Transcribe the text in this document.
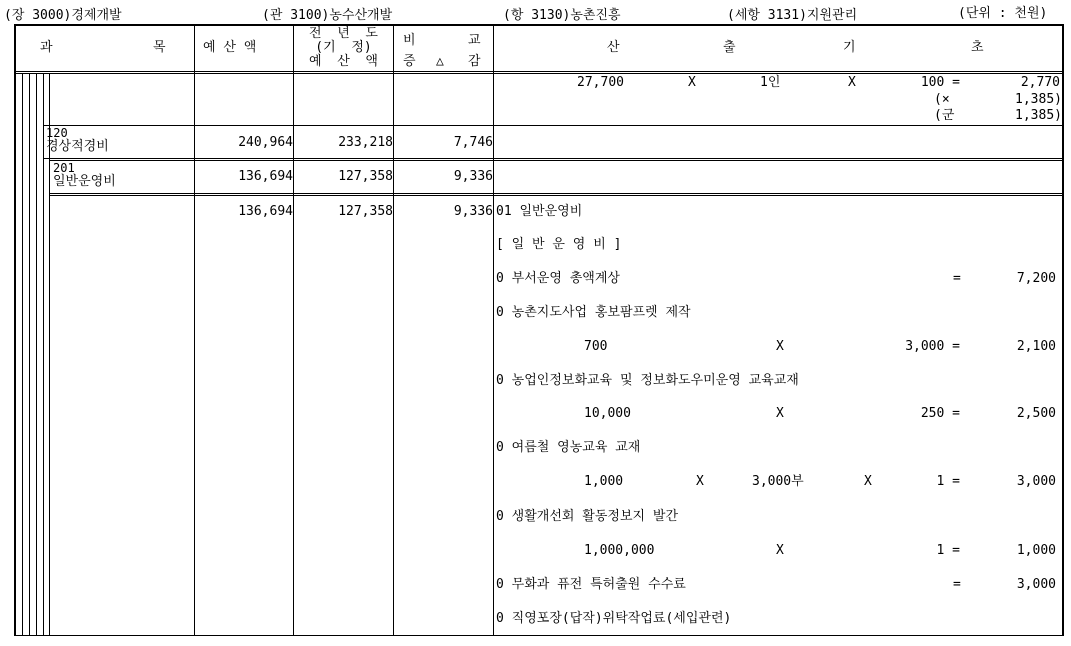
(장 3000)경제개발	(관 3100)농수산개발	(항 3130)농촌진흥	(세항 3131)지원관리	(단위 : 천원)
과	목	예 산 액
전  년  도
(기  정)
예  산  액
비	교
증 △ 감
산	출	기	초
27,700	X	1인	X	100 =	2,770
(×	1,385)
(군	1,385)
120
경상적경비	240,964	233,218	7,746
201
일반운영비	136,694	127,358	9,336
136,694	127,358	9,336 01 일반운영비
[ 일 반 운 영 비 ]
0 부서운영 총액계상	=	7,200
0 농촌지도사업 홍보팜프렛 제작
700	X	3,000 =	2,100
0 농업인정보화교육 및 정보화도우미운영 교육교재
10,000	X	250 =	2,500
0 여름철 영농교육 교재
1,000	X	3,000부	X	1 =	3,000
0 생활개선회 활동정보지 발간
1,000,000	X	1 =	1,000
0 무화과 퓨전 특허출원 수수료	=	3,000
0 직영포장(답작)위탁작업료(세입관련)
